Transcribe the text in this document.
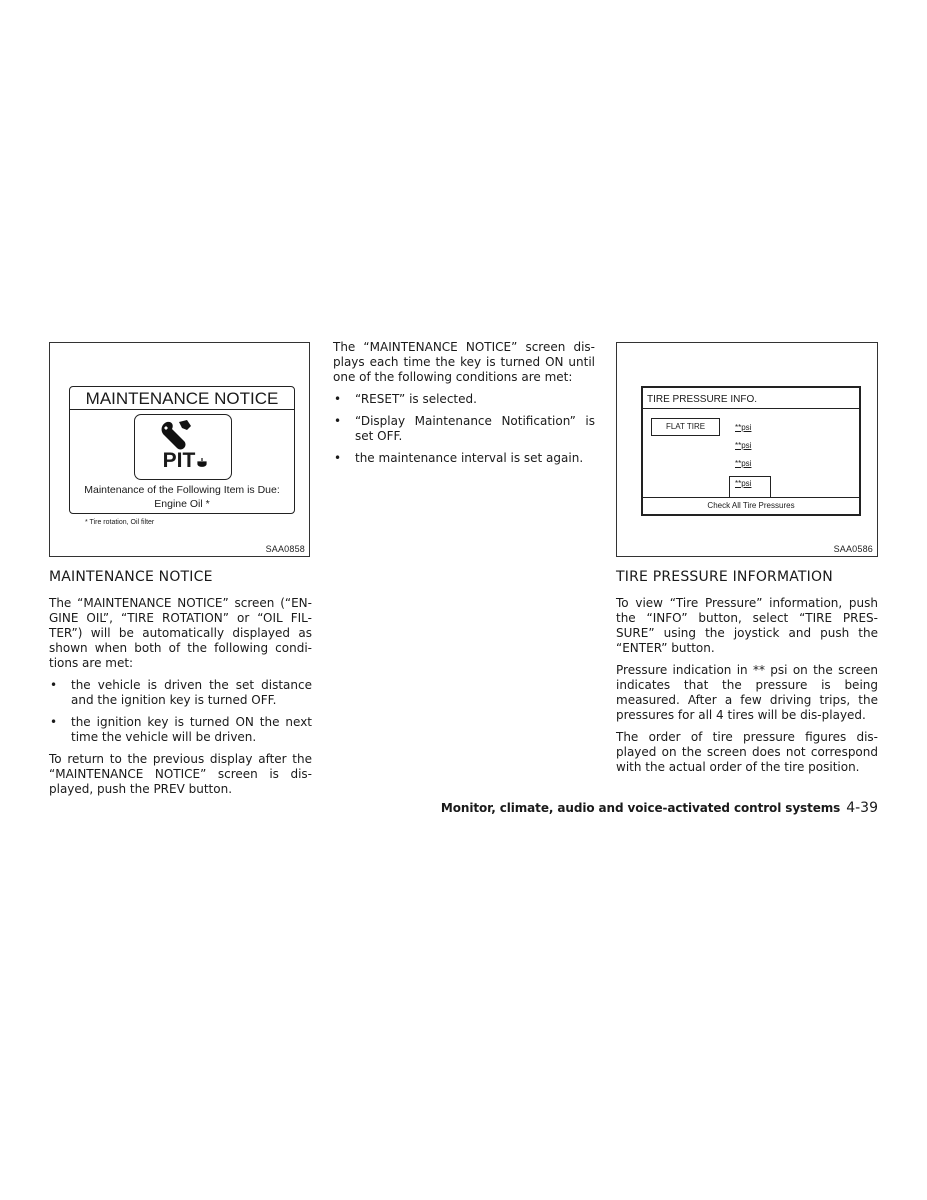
MAINTENANCE NOTICE
PIT
Maintenance of the Following Item is Due:
Engine Oil *
* Tire rotation, Oil filter
SAA0858
TIRE PRESSURE INFO.
FLAT TIRE	**psi
**psi
**psi
**psi
Check All Tire Pressures
SAA0586
MAINTENANCE NOTICE

The “MAINTENANCE NOTICE” screen (“EN-GINE OIL”, “TIRE ROTATION” or “OIL FIL-TER”) will be automatically displayed as shown when both of the following condi-tions are met:

• the vehicle is driven the set distance and the ignition key is turned OFF.
• the ignition key is turned ON the next time the vehicle will be driven.

To return to the previous display after the “MAINTENANCE NOTICE” screen is dis-played, push the PREV button.

The “MAINTENANCE NOTICE” screen dis-plays each time the key is turned ON until one of the following conditions are met:

• “RESET” is selected.
• “Display Maintenance Notification” is set OFF.
• the maintenance interval is set again.
TIRE PRESSURE INFORMATION

To view “Tire Pressure” information, push the “INFO” button, select “TIRE PRES-SURE” using the joystick and push the “ENTER” button.

Pressure indication in ** psi on the screen indicates that the pressure is being measured. After a few driving trips, the pressures for all 4 tires will be dis-played.

The order of tire pressure figures dis-played on the screen does not correspond with the actual order of the tire position.

Monitor, climate, audio and voice-activated control systems 4-39
